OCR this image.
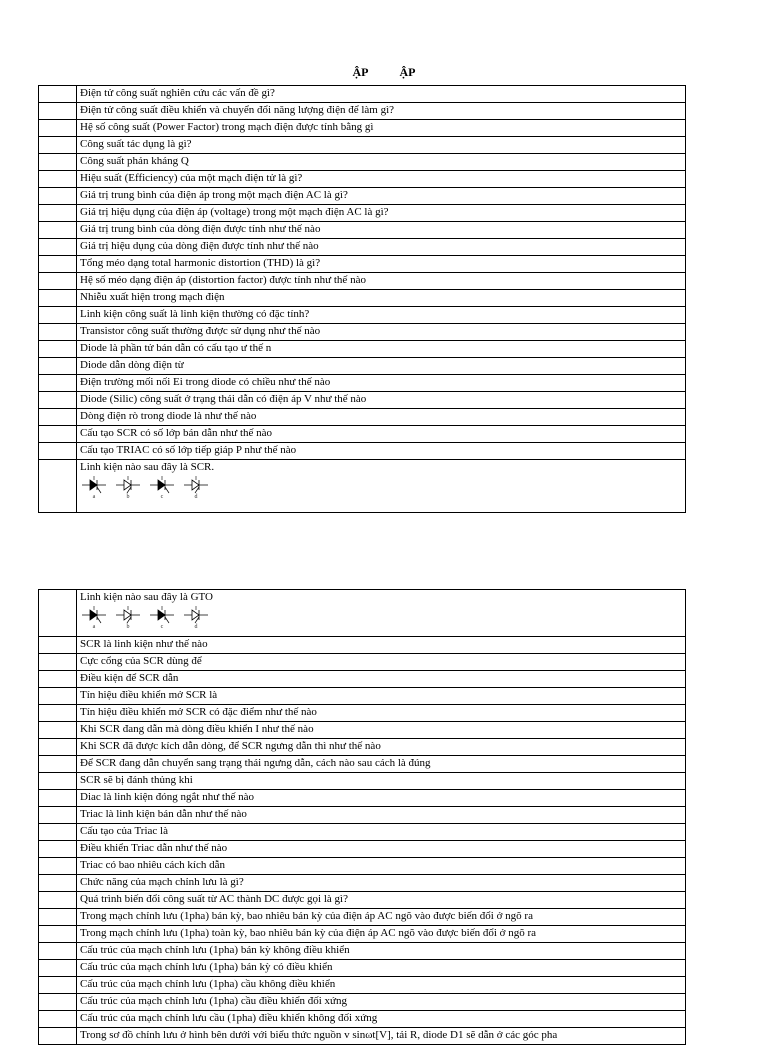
ẬP	ẬP
	Điện tử công suất nghiên cứu các vấn đề gì?
	Điện tử công suất điều khiển và chuyển đổi năng lượng điện để làm gì?
	Hệ số công suất (Power Factor) trong mạch điện được tính bằng gì
	Công suất tác dụng là gì?
	Công suất phản kháng Q
	Hiệu suất (Efficiency) của một mạch điện tử là gì?
	Giá trị trung bình của điện áp trong một mạch điện AC là gì?
	Giá trị hiệu dụng của điện áp (voltage) trong một mạch điện AC là gì?
	Giá trị trung bình của dòng điện được tính như thế nào
	Giá trị hiệu dụng của dòng điện được tính như thế nào
	Tổng méo dạng total harmonic distortion (THD) là gì?
	Hệ số méo dạng điện áp (distortion factor) được tính như thế nào
	Nhiễu xuất hiện trong mạch điện
	Linh kiện công suất là linh kiện thường có đặc tính?
	Transistor công suất thường được sử dụng như thế nào
	Diode là phần tử bán dẫn có cấu tạo ư thế n
	Diode dẫn dòng điện từ
	Điện trường mối nối Ei trong diode có chiều như thế nào
	Diode (Silic) công suất ở trạng thái dẫn có điện áp V như thế nào
	Dòng điện rò trong diode là như thế nào
	Cấu tạo SCR có số lớp bán dẫn như thế nào
	Cấu tạo TRIAC có số lớp tiếp giáp P như thế nào

	Linh kiện nào sau đây là SCR.
a b c d

	Linh kiện nào sau đây là GTO
a b c d

	SCR là linh kiện như thế nào
	Cực cổng của SCR dùng để
	Điều kiện để SCR dẫn
	Tín hiệu điều khiển mở SCR là
	Tín hiệu điều khiển mở SCR có đặc điểm như thế nào
	Khi SCR đang dẫn mà dòng điều khiển I như thế nào
	Khi SCR đã được kích dẫn dòng, để SCR ngưng dẫn thì như thế nào
	Để SCR đang dẫn chuyển sang trạng thái ngưng dẫn, cách nào sau cách là đúng
	SCR sẽ bị đánh thủng khi
	Diac là linh kiện đóng ngắt như thế nào
	Triac là linh kiện bán dẫn như thế nào
	Cấu tạo của Triac là
	Điều khiển Triac dẫn như thế nào
	Triac có bao nhiêu cách kích dẫn
	Chức năng của mạch chỉnh lưu là gì?
	Quá trình biến đổi công suất từ AC thành DC được gọi là gì?
	Trong mạch chỉnh lưu (1pha) bán kỳ, bao nhiêu bán kỳ của điện áp AC ngõ vào được biến đổi ở ngõ ra
	Trong mạch chỉnh lưu (1pha) toàn kỳ, bao nhiêu bán kỳ của điện áp AC ngõ vào được biến đổi ở ngõ ra
	Cấu trúc của mạch chỉnh lưu (1pha) bán kỳ không điều khiển
	Cấu trúc của mạch chỉnh lưu (1pha) bán kỳ có điều khiển
	Cấu trúc của mạch chỉnh lưu (1pha) cầu không điều khiển
	Cấu trúc của mạch chỉnh lưu (1pha) cầu điều khiển đối xứng
	Cấu trúc của mạch chỉnh lưu cầu (1pha) điều khiển không đối xứng
	Trong sơ đồ chỉnh lưu ở hình bên dưới với biểu thức nguồn v sinωt[V], tải R, diode D1 sẽ dẫn ở các góc pha
